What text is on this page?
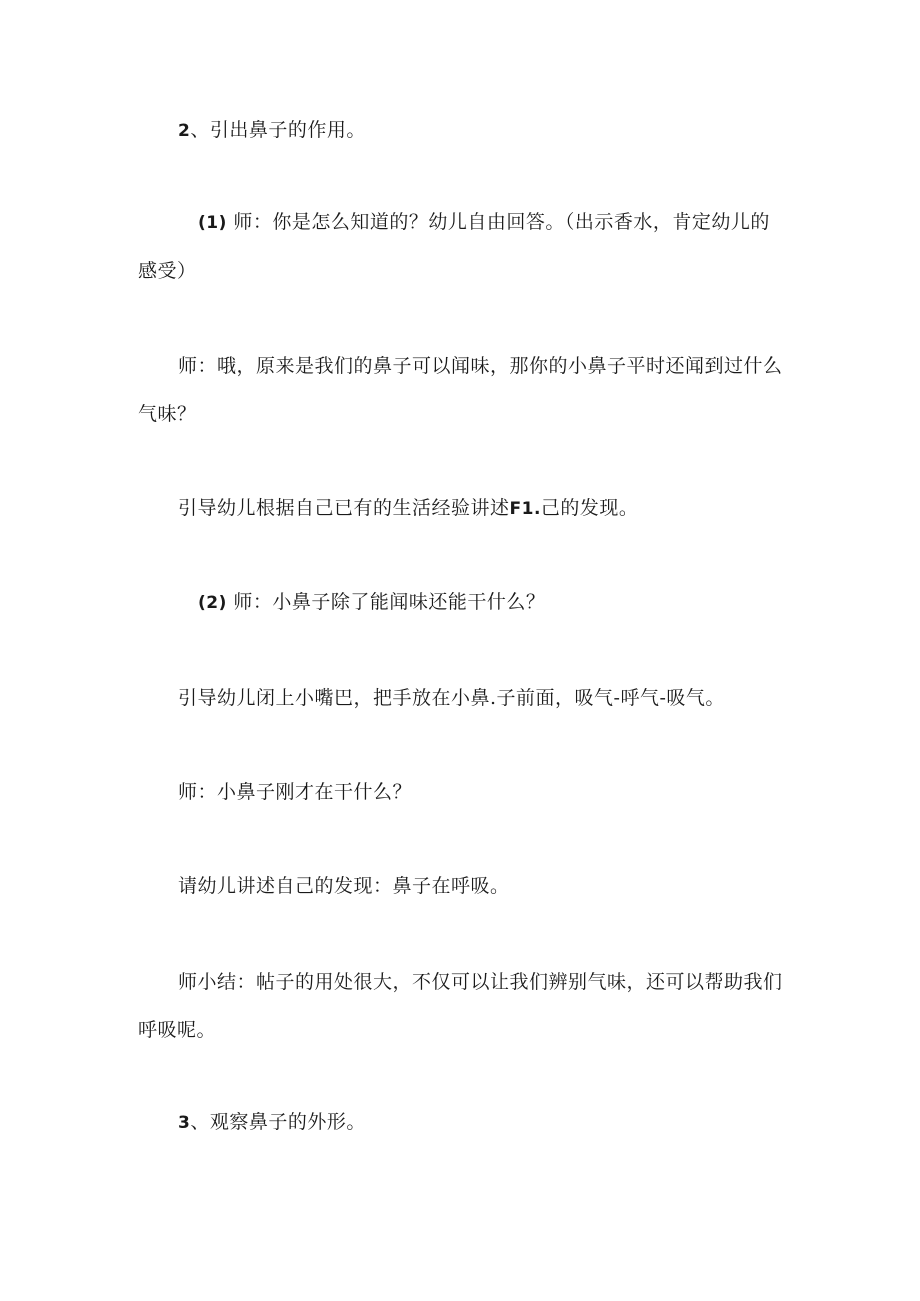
2、引出鼻子的作用。

(1) 师：你是怎么知道的？幼儿自由回答。（出示香水，肯定幼儿的感受）

师：哦，原来是我们的鼻子可以闻味，那你的小鼻子平时还闻到过什么气味？

引导幼儿根据自己已有的生活经验讲述F1.己的发现。

(2) 师：小鼻子除了能闻味还能干什么？

引导幼儿闭上小嘴巴，把手放在小鼻.子前面，吸气-呼气-吸气。

师：小鼻子刚才在干什么？

请幼儿讲述自己的发现：鼻子在呼吸。

师小结：帖子的用处很大，不仅可以让我们辨别气味，还可以帮助我们呼吸呢。

3、观察鼻子的外形。
